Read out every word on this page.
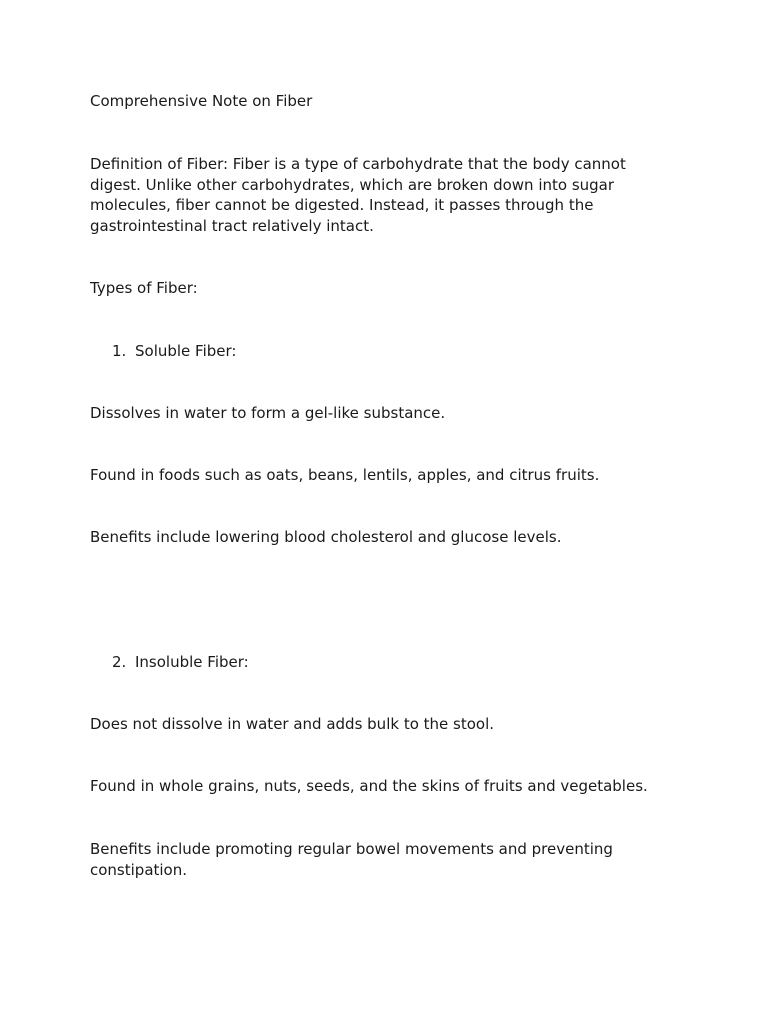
Comprehensive Note on Fiber

Definition of Fiber: Fiber is a type of carbohydrate that the body cannot digest. Unlike other carbohydrates, which are broken down into sugar molecules, fiber cannot be digested. Instead, it passes through the gastrointestinal tract relatively intact.

Types of Fiber:

1. Soluble Fiber:

Dissolves in water to form a gel-like substance.

Found in foods such as oats, beans, lentils, apples, and citrus fruits.

Benefits include lowering blood cholesterol and glucose levels.

2. Insoluble Fiber:

Does not dissolve in water and adds bulk to the stool.

Found in whole grains, nuts, seeds, and the skins of fruits and vegetables.

Benefits include promoting regular bowel movements and preventing constipation.
